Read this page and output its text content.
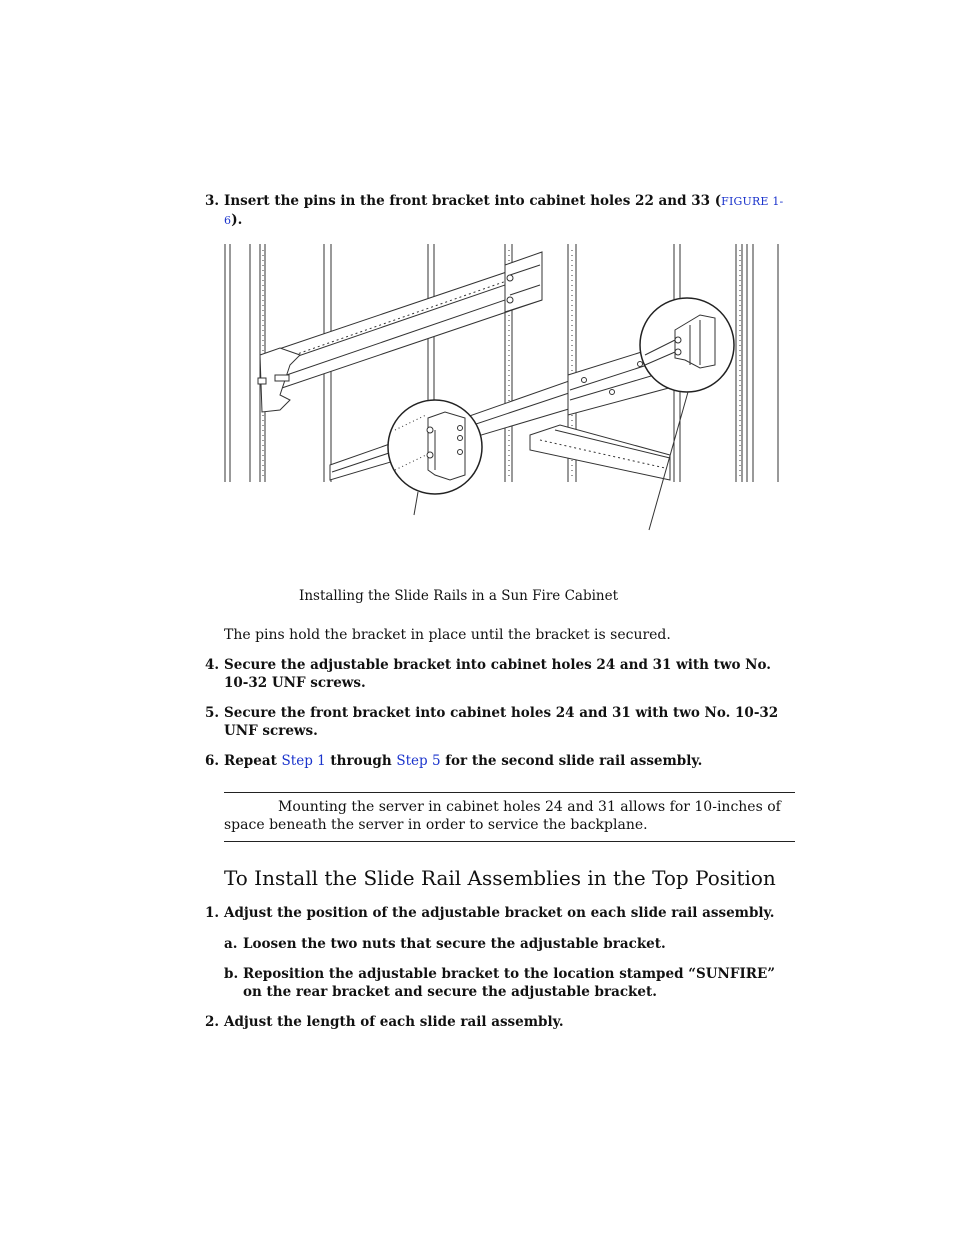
3. Insert the pins in the front bracket into cabinet holes 22 and 33 (FIGURE 1-6).
Installing the Slide Rails in a Sun Fire Cabinet
The pins hold the bracket in place until the bracket is secured.
4. Secure the adjustable bracket into cabinet holes 24 and 31 with two No. 10-32 UNF screws.
5. Secure the front bracket into cabinet holes 24 and 31 with two No. 10-32 UNF screws.
6. Repeat Step 1 through Step 5 for the second slide rail assembly.
Mounting the server in cabinet holes 24 and 31 allows for 10-inches of space beneath the server in order to service the backplane.
To Install the Slide Rail Assemblies in the Top Position
1. Adjust the position of the adjustable bracket on each slide rail assembly.
a. Loosen the two nuts that secure the adjustable bracket.
b. Reposition the adjustable bracket to the location stamped “SUNFIRE” on the rear bracket and secure the adjustable bracket.
2. Adjust the length of each slide rail assembly.
